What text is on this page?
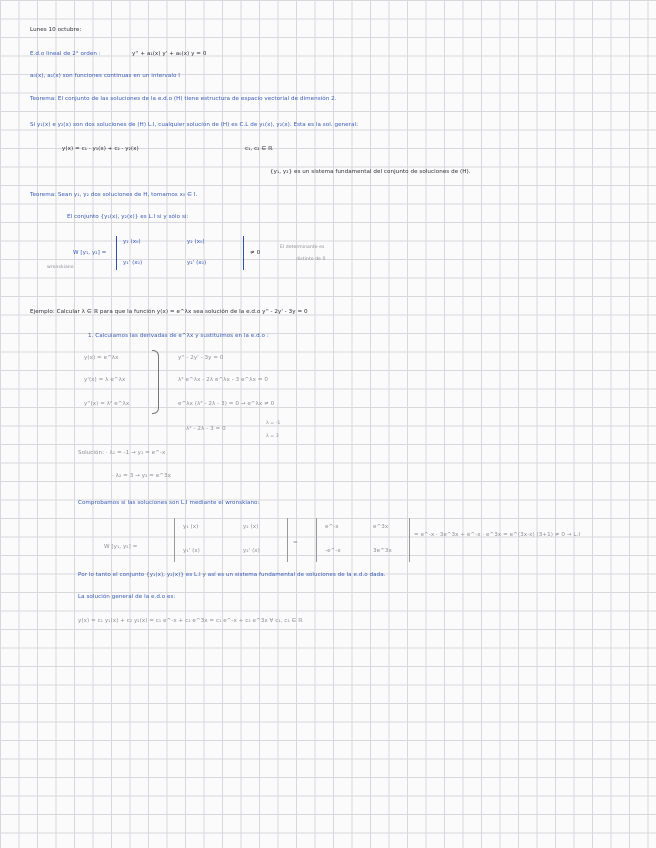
Lunes 10 octubre:
E.d.o lineal de 2° orden :	y'' + a₁(x) y' + a₀(x) y = 0
a₀(x), a₁(x) son funciones continuas en un intervalo I
Teorema: El conjunto de las soluciones de la e.d.o (H) tiene estructura de espacio vectorial de dimensión 2.
Si y₁(x) e y₂(x) son dos soluciones de (H) L.I, cualquier solución de (H) es C.L de y₁(x), y₂(x). Esta es la sol. general:
y(x) = c₁ · y₁(x) + c₂ · y₂(x)	c₁, c₂ ∈ ℝ
{y₁, y₂} es un sistema fundamental del conjunto de soluciones de (H).
Teorema: Sean y₁, y₂ dos soluciones de H, tomamos x₀ ∈ I.
El conjunto {y₁(x), y₂(x)} es L.I si y sólo si:
W [y₁, y₂] =
wronskiano
y₁ (x₀)	y₂ (x₀)
y₁' (x₀)	y₂' (x₀)
≠ 0
El determinante es
distinto de 0
Ejemplo: Calcular λ ∈ ℝ para que la función y(x) = e^λx sea solución de la e.d.o y'' - 2y' - 3y = 0
1. Calculamos las derivadas de e^λx y sustituimos en la e.d.o :
y(x) = e^λx
y'(x) = λ e^λx
y''(x) = λ² e^λx
y'' - 2y' - 3y = 0
λ² e^λx - 2λ e^λx - 3 e^λx = 0
e^λx (λ² - 2λ - 3) = 0 → e^λx ≠ 0
λ² - 2λ - 3 = 0
λ = -1
λ = 3
Solución: · λ₁ = -1 → y₁ = e^-x
· λ₂ = 3 → y₂ = e^3x
Comprobamos si las soluciones son L.I mediante el wronskiano:
W [y₁, y₂] =
y₁ (x)	y₂ (x)
y₁' (x)	y₂' (x)
=
e^-x	e^3x
-e^-x	3e^3x
= e^-x · 3e^3x + e^-x · e^3x = e^(3x-x) (3+1) ≠ 0 → L.I
Por lo tanto el conjunto {y₁(x), y₂(x)} es L.I y así es un sistema fundamental de soluciones de la e.d.o dada.
La solución general de la e.d.o es:
y(x) = c₁ y₁(x) + c₂ y₂(x) = c₁ e^-x + c₂ e^3x = c₁ e^-x + c₂ e^3x ∀ c₁, c₂ ∈ ℝ
